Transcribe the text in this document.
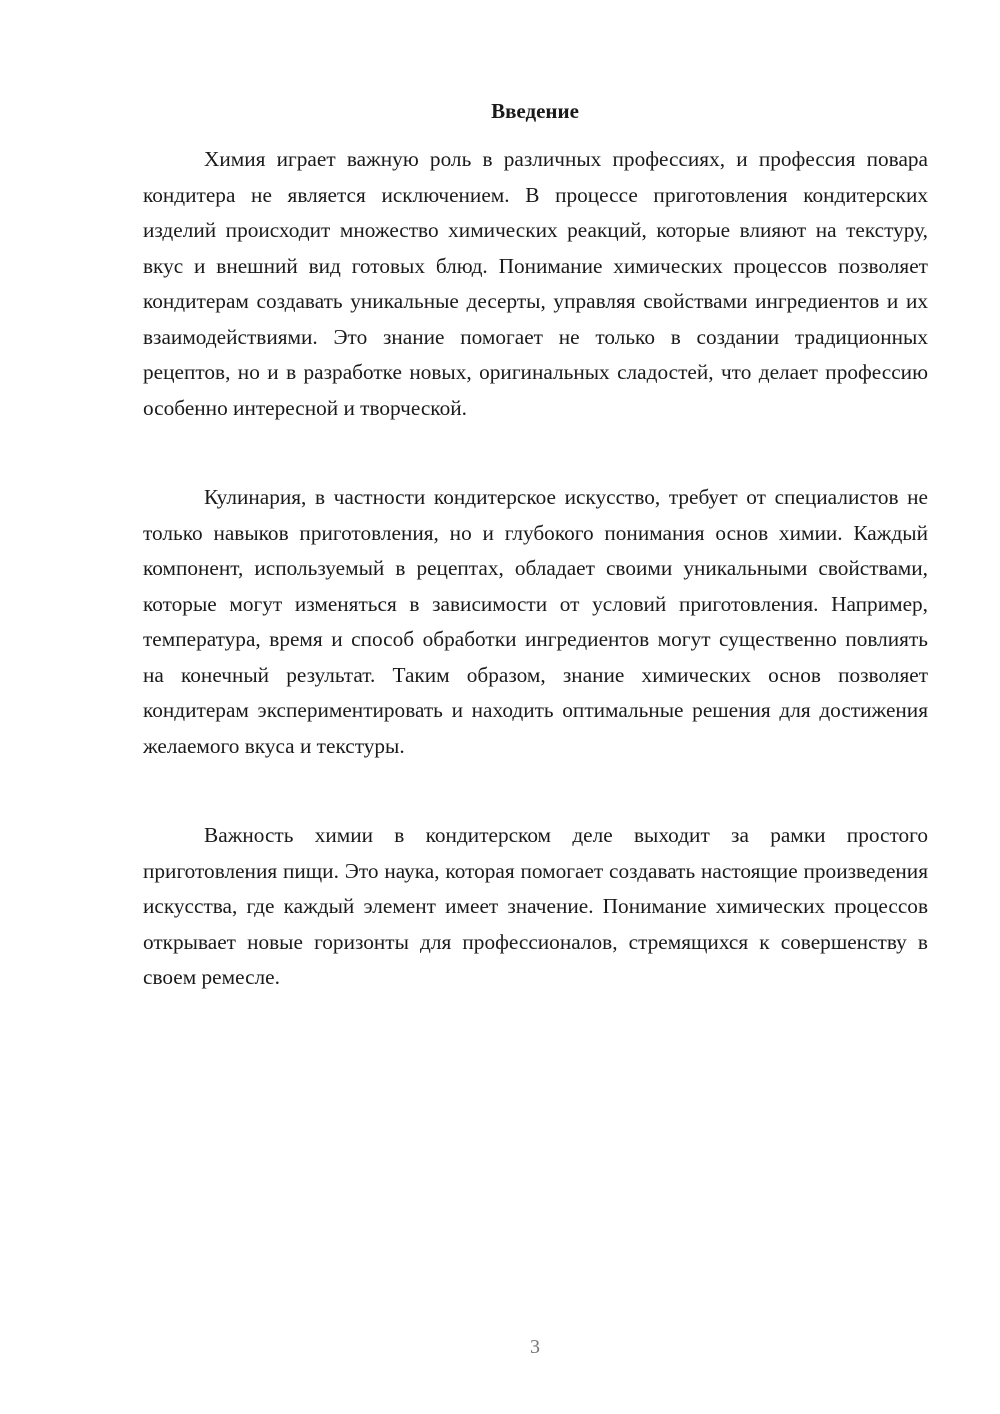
Введение

Химия играет важную роль в различных профессиях, и профессия повара кондитера не является исключением. В процессе приготовления кондитерских изделий происходит множество химических реакций, которые влияют на текстуру, вкус и внешний вид готовых блюд. Понимание химических процессов позволяет кондитерам создавать уникальные десерты, управляя свойствами ингредиентов и их взаимодействиями. Это знание помогает не только в создании традиционных рецептов, но и в разработке новых, оригинальных сладостей, что делает профессию особенно интересной и творческой.

Кулинария, в частности кондитерское искусство, требует от специалистов не только навыков приготовления, но и глубокого понимания основ химии. Каждый компонент, используемый в рецептах, обладает своими уникальными свойствами, которые могут изменяться в зависимости от условий приготовления. Например, температура, время и способ обработки ингредиентов могут существенно повлиять на конечный результат. Таким образом, знание химических основ позволяет кондитерам экспериментировать и находить оптимальные решения для достижения желаемого вкуса и текстуры.

Важность химии в кондитерском деле выходит за рамки простого приготовления пищи. Это наука, которая помогает создавать настоящие произведения искусства, где каждый элемент имеет значение. Понимание химических процессов открывает новые горизонты для профессионалов, стремящихся к совершенству в своем ремесле.

3
